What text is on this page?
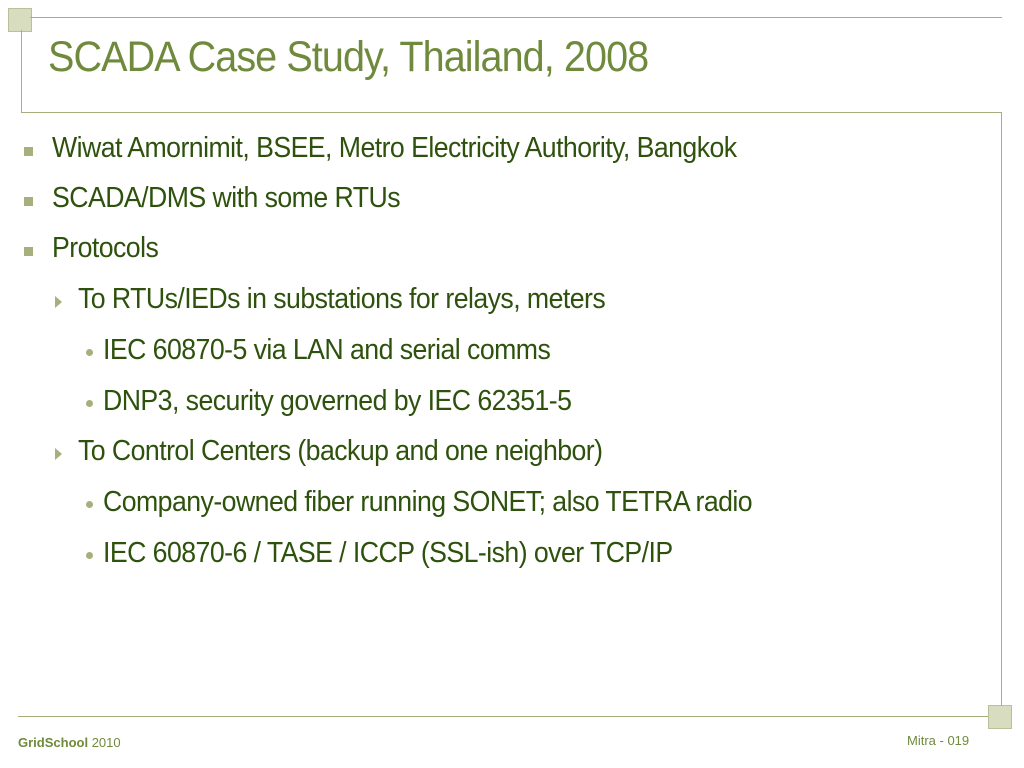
SCADA Case Study, Thailand, 2008
Wiwat Amornimit, BSEE, Metro Electricity Authority, Bangkok
SCADA/DMS with some RTUs
Protocols
To RTUs/IEDs in substations for relays, meters
IEC 60870-5 via LAN and serial comms
DNP3, security governed by IEC 62351-5
To Control Centers (backup and one neighbor)
Company-owned fiber running SONET; also TETRA radio
IEC 60870-6 / TASE / ICCP (SSL-ish) over TCP/IP
GridSchool 2010	Mitra - 019
